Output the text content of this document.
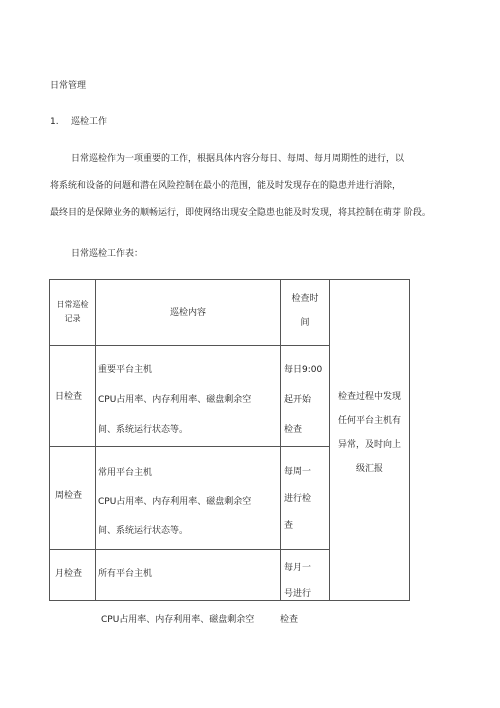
日常管理
1. 巡检工作
日常巡检作为一项重要的工作，根据具体内容分每日、每周、每月周期性的进行，以
将系统和设备的问题和潜在风险控制在最小的范围，能及时发现存在的隐患并进行消除，
最终目的是保障业务的顺畅运行，即使网络出现安全隐患也能及时发现，将其控制在萌芽 阶段。
日常巡检工作表：
日常巡检
记录
巡检内容
检查时
间
日检查
重要平台主机
CPU占用率、内存利用率、磁盘剩余空
间、系统运行状态等。
每日9:00
起开始
检查
周检查
常用平台主机
CPU占用率、内存利用率、磁盘剩余空
间、系统运行状态等。
每周一
进行检
查
月检查 所有平台主机
每月一
号进行
检查过程中发现
任何平台主机有
异常，及时向上
级汇报
CPU占用率、内存利用率、磁盘剩余空	检查
